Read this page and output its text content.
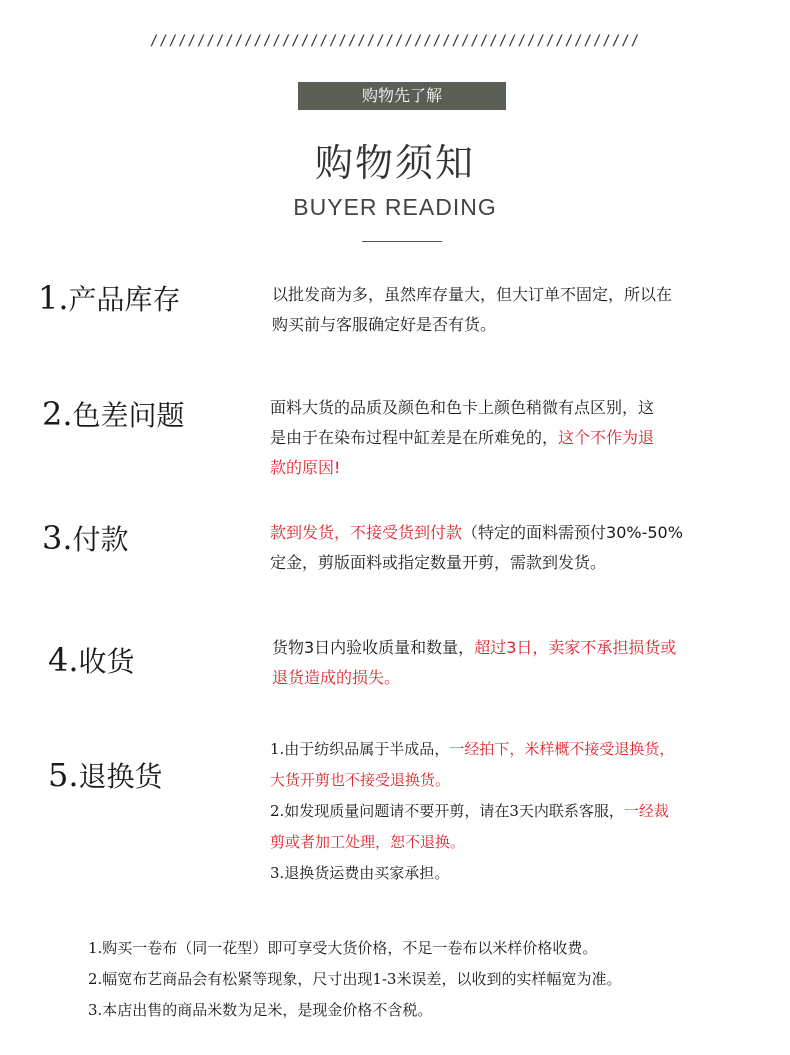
////////////////////////////////////////////////////
购物先了解
购物须知
BUYER READING
1.产品库存	以批发商为多，虽然库存量大，但大订单不固定，所以在
购买前与客服确定好是否有货。
2.色差问题	面料大货的品质及颜色和色卡上颜色稍微有点区别，这
是由于在染布过程中缸差是在所难免的，这个不作为退
款的原因!
3.付款	款到发货，不接受货到付款（特定的面料需预付30%-50%
定金，剪版面料或指定数量开剪，需款到发货。
4.收货	货物3日内验收质量和数量，超过3日，卖家不承担损货或
退货造成的损失。
5.退换货
1.由于纺织品属于半成品，一经拍下，米样概不接受退换货，
大货开剪也不接受退换货。
2.如发现质量问题请不要开剪，请在3天内联系客服，一经裁
剪或者加工处理，恕不退换。
3.退换货运费由买家承担。
1.购买一卷布（同一花型）即可享受大货价格，不足一卷布以米样价格收费。
2.幅宽布艺商品会有松紧等现象，尺寸出现1-3米误差，以收到的实样幅宽为准。
3.本店出售的商品米数为足米，是现金价格不含税。
